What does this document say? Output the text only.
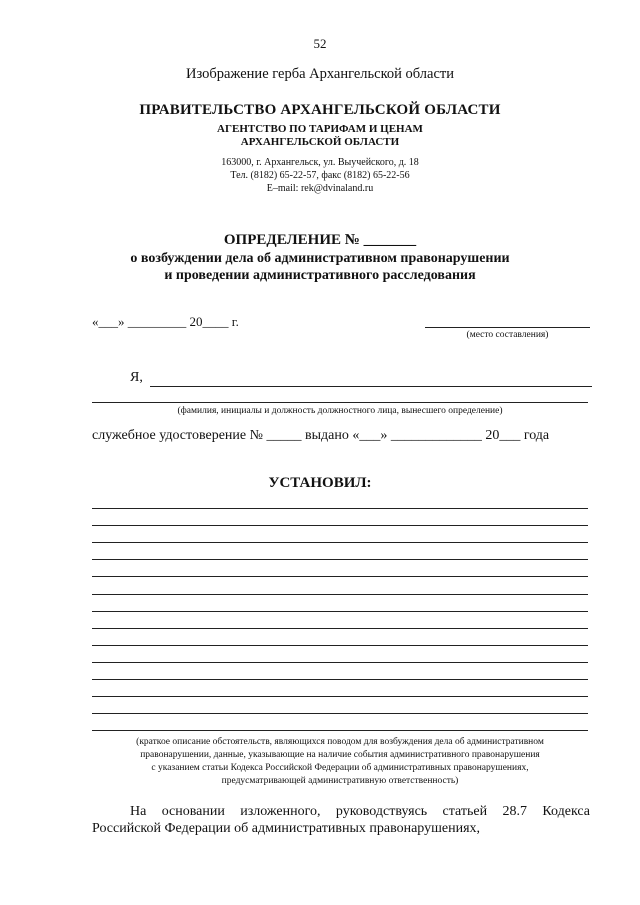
52
Изображение герба Архангельской области
ПРАВИТЕЛЬСТВО АРХАНГЕЛЬСКОЙ ОБЛАСТИ
АГЕНТСТВО ПО ТАРИФАМ И ЦЕНАМ
АРХАНГЕЛЬСКОЙ ОБЛАСТИ
163000, г. Архангельск, ул. Выучейского, д. 18
Тел. (8182) 65-22-57, факс (8182) 65-22-56
E–mail: rek@dvinaland.ru
ОПРЕДЕЛЕНИЕ № _______
о возбуждении дела об административном правонарушении
и проведении административного расследования
«___» _________ 20____ г.
(место составления)
Я,
(фамилия, инициалы и должность должностного лица, вынесшего определение)
служебное удостоверение № _____ выдано «___» _____________ 20___ года
УСТАНОВИЛ:
(краткое описание обстоятельств, являющихся поводом для возбуждения дела об административном
правонарушении, данные, указывающие на наличие события административного правонарушения
с указанием статьи Кодекса Российской Федерации об административных правонарушениях,
предусматривающей административную ответственность)
На основании изложенного, руководствуясь статьей 28.7 Кодекса
Российской Федерации об административных правонарушениях,
